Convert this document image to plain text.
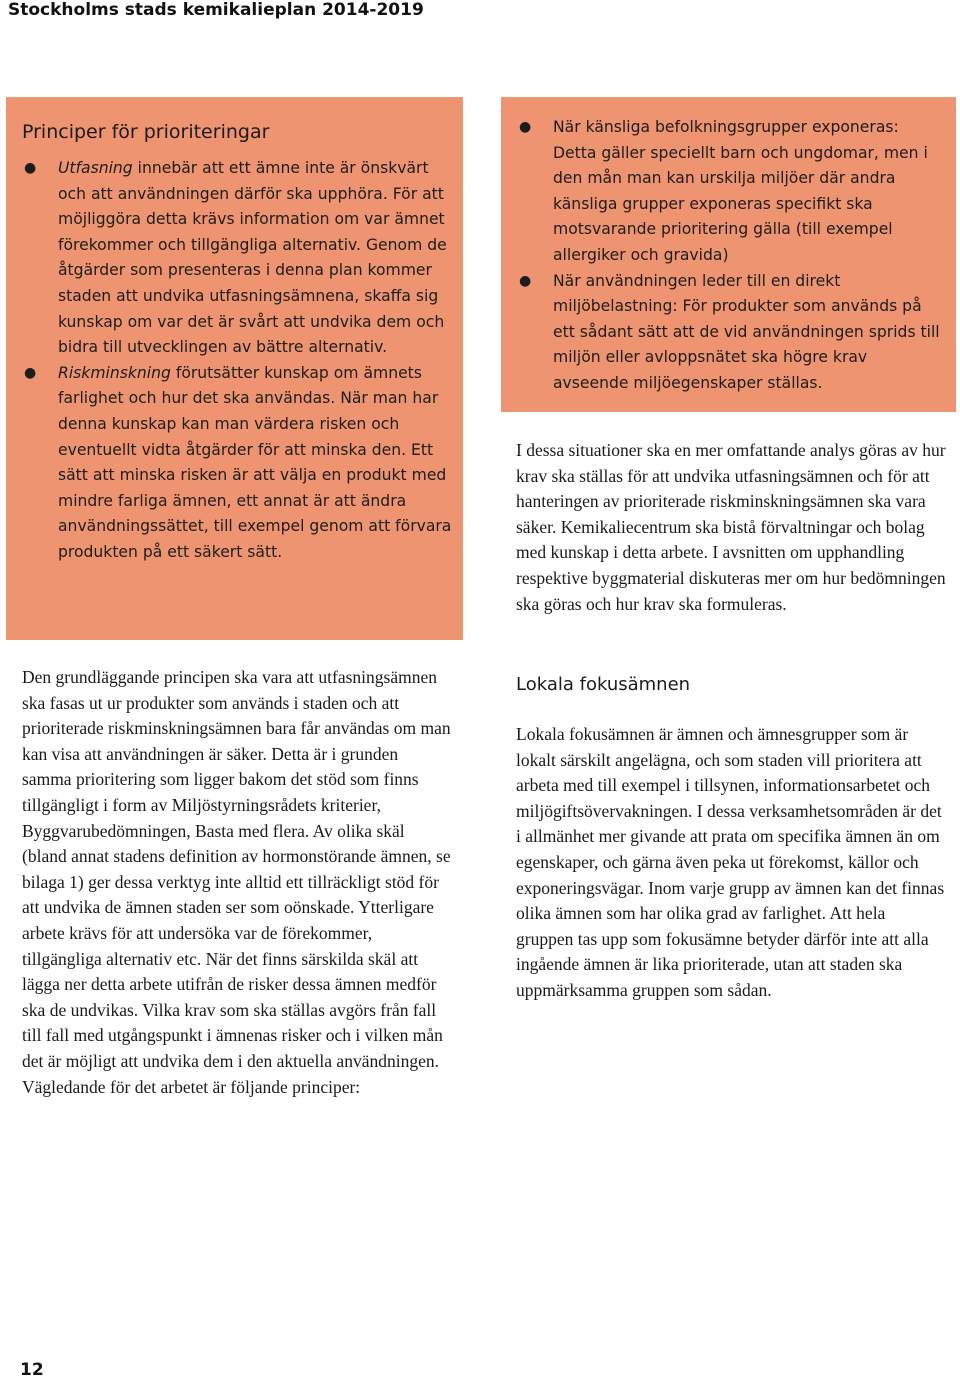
Stockholms stads kemikalieplan 2014-2019
Principer för prioriteringar
● Utfasning innebär att ett ämne inte är önskvärt och att användningen därför ska upphöra. För att möjliggöra detta krävs information om var ämnet förekommer och tillgängliga alternativ. Genom de åtgärder som presenteras i denna plan kommer staden att undvika utfasningsämnena, skaffa sig kunskap om var det är svårt att undvika dem och bidra till utvecklingen av bättre alternativ.
● Riskminskning förutsätter kunskap om ämnets farlighet och hur det ska användas. När man har denna kunskap kan man värdera risken och eventuellt vidta åtgärder för att minska den. Ett sätt att minska risken är att välja en produkt med mindre farliga ämnen, ett annat är att ändra användningssättet, till exempel genom att förvara produkten på ett säkert sätt.
● När känsliga befolkningsgrupper exponeras: Detta gäller speciellt barn och ungdomar, men i den mån man kan urskilja miljöer där andra känsliga grupper exponeras specifikt ska motsvarande prioritering gälla (till exempel allergiker och gravida)
● När användningen leder till en direkt miljöbelastning: För produkter som används på ett sådant sätt att de vid användningen sprids till miljön eller avloppsnätet ska högre krav avseende miljöegenskaper ställas.
Den grundläggande principen ska vara att utfasningsämnen ska fasas ut ur produkter som används i staden och att prioriterade riskminskningsämnen bara får användas om man kan visa att användningen är säker. Detta är i grunden samma prioritering som ligger bakom det stöd som finns tillgängligt i form av Miljöstyrningsrådets kriterier, Byggvarubedömningen, Basta med flera. Av olika skäl (bland annat stadens definition av hormonstörande ämnen, se bilaga 1) ger dessa verktyg inte alltid ett tillräckligt stöd för att undvika de ämnen staden ser som oönskade. Ytterligare arbete krävs för att undersöka var de förekommer, tillgängliga alternativ etc. När det finns särskilda skäl att lägga ner detta arbete utifrån de risker dessa ämnen medför ska de undvikas. Vilka krav som ska ställas avgörs från fall till fall med utgångspunkt i ämnenas risker och i vilken mån det är möjligt att undvika dem i den aktuella användningen. Vägledande för det arbetet är följande principer:
I dessa situationer ska en mer omfattande analys göras av hur krav ska ställas för att undvika utfasningsämnen och för att hanteringen av prioriterade riskminskningsämnen ska vara säker. Kemikaliecentrum ska bistå förvaltningar och bolag med kunskap i detta arbete. I avsnitten om upphandling respektive byggmaterial diskuteras mer om hur bedömningen ska göras och hur krav ska formuleras.
Lokala fokusämnen
Lokala fokusämnen är ämnen och ämnesgrupper som är lokalt särskilt angelägna, och som staden vill prioritera att arbeta med till exempel i tillsynen, informationsarbetet och miljögiftsövervakningen. I dessa verksamhetsområden är det i allmänhet mer givande att prata om specifika ämnen än om egenskaper, och gärna även peka ut förekomst, källor och exponeringsvägar. Inom varje grupp av ämnen kan det finnas olika ämnen som har olika grad av farlighet. Att hela gruppen tas upp som fokusämne betyder därför inte att alla ingående ämnen är lika prioriterade, utan att staden ska uppmärksamma gruppen som sådan.
12
